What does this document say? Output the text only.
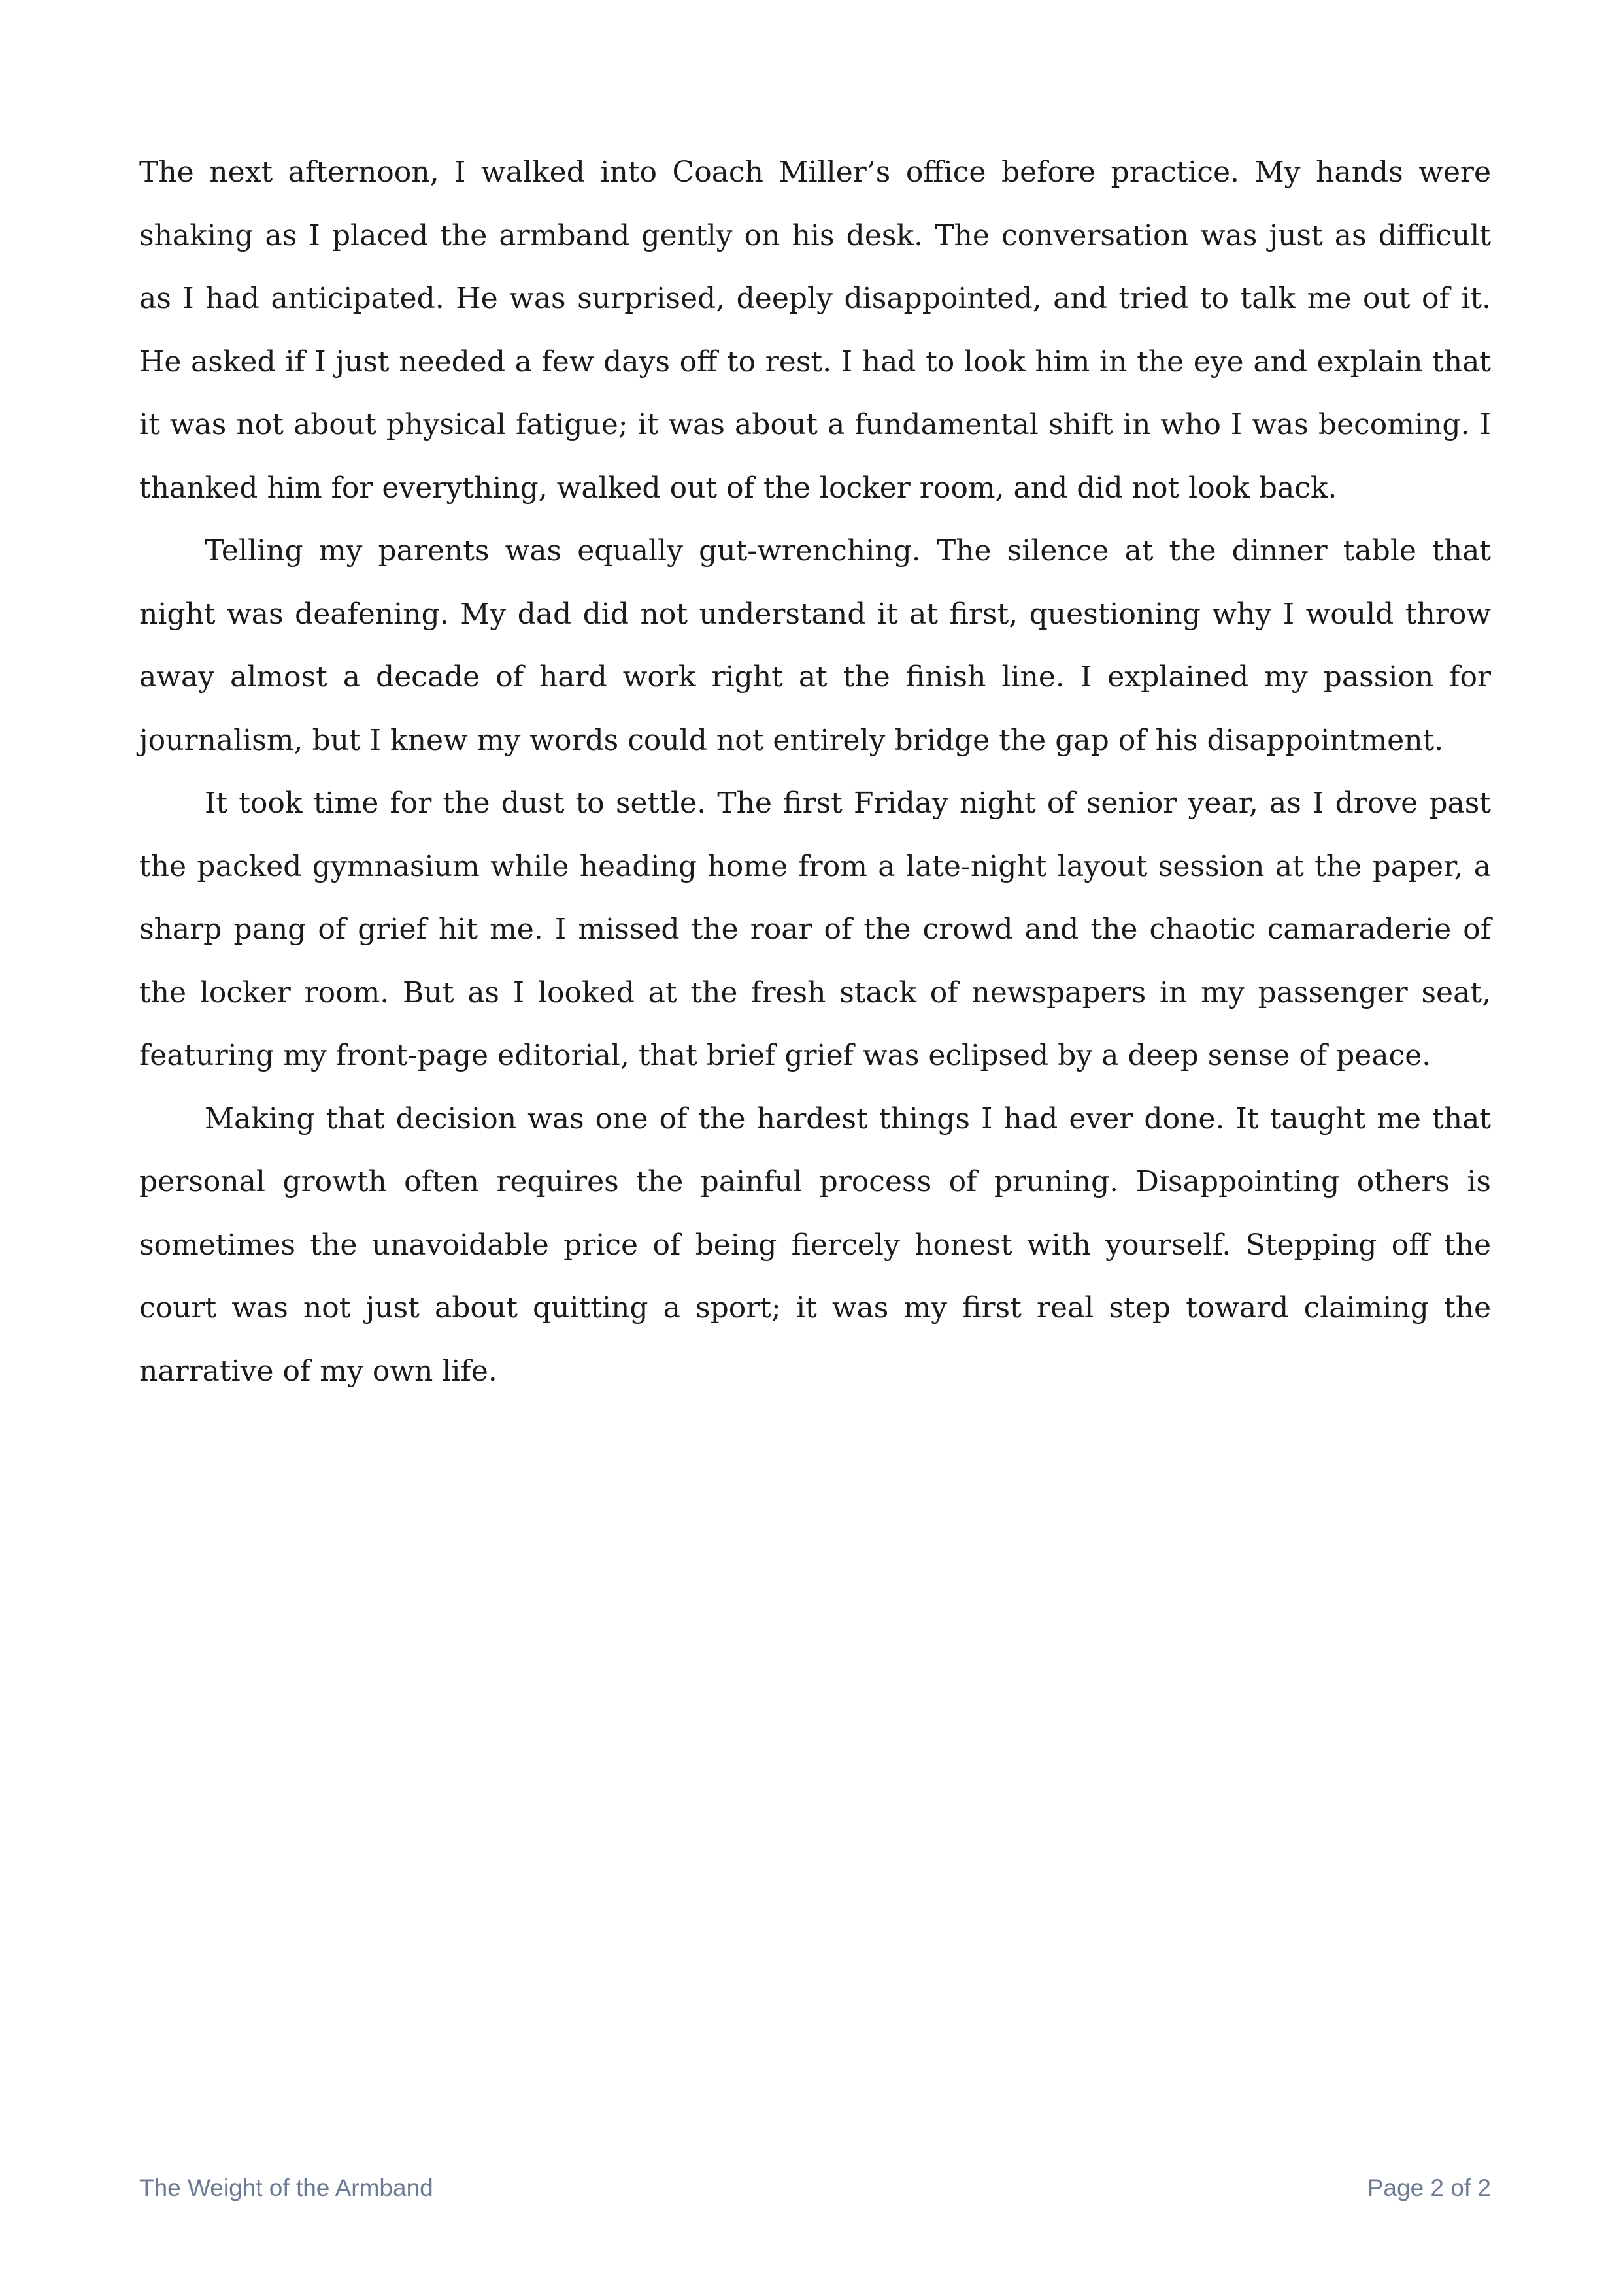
The next afternoon, I walked into Coach Miller’s office before practice. My hands were shaking as I placed the armband gently on his desk. The conversation was just as difficult as I had anticipated. He was surprised, deeply disappointed, and tried to talk me out of it. He asked if I just needed a few days off to rest. I had to look him in the eye and explain that it was not about physical fatigue; it was about a fundamental shift in who I was becoming. I thanked him for everything, walked out of the locker room, and did not look back.

Telling my parents was equally gut-wrenching. The silence at the dinner table that night was deafening. My dad did not understand it at first, questioning why I would throw away almost a decade of hard work right at the finish line. I explained my passion for journalism, but I knew my words could not entirely bridge the gap of his disappointment.

It took time for the dust to settle. The first Friday night of senior year, as I drove past the packed gymnasium while heading home from a late-night layout session at the paper, a sharp pang of grief hit me. I missed the roar of the crowd and the chaotic camaraderie of the locker room. But as I looked at the fresh stack of newspapers in my passenger seat, featuring my front-page editorial, that brief grief was eclipsed by a deep sense of peace.

Making that decision was one of the hardest things I had ever done. It taught me that personal growth often requires the painful process of pruning. Disappointing others is sometimes the unavoidable price of being fiercely honest with yourself. Stepping off the court was not just about quitting a sport; it was my first real step toward claiming the narrative of my own life.

The Weight of the Armband	Page 2 of 2
